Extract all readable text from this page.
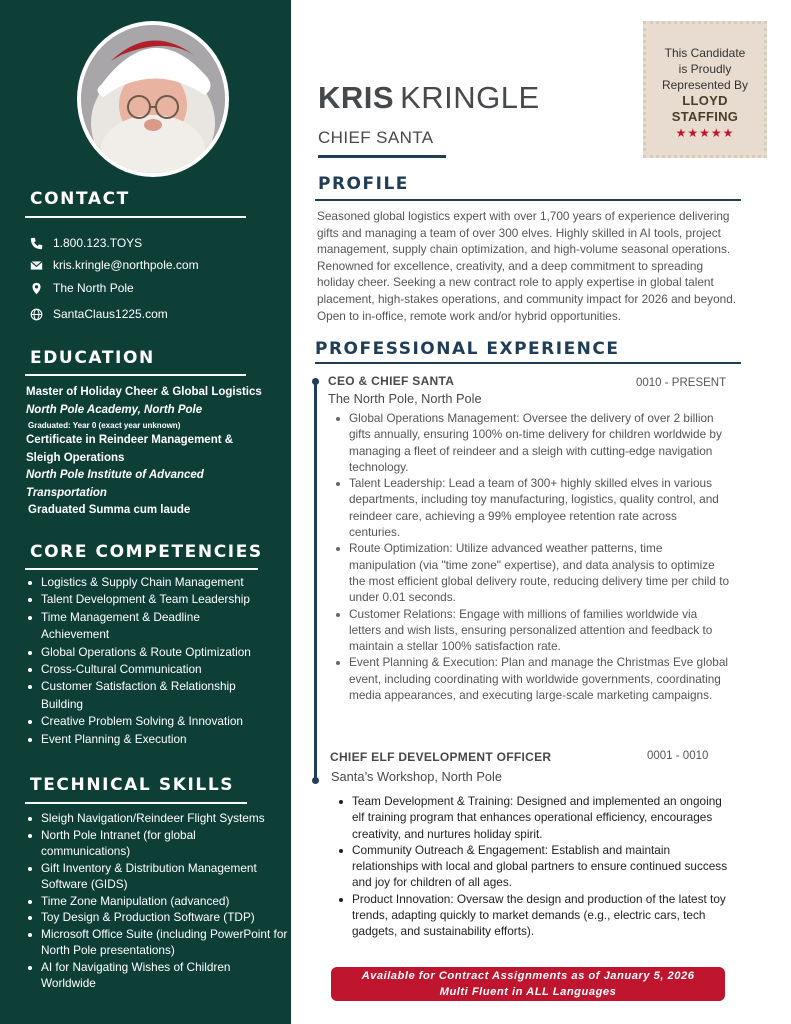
CONTACT
1.800.123.TOYS
kris.kringle@northpole.com
The North Pole
SantaClaus1225.com
EDUCATION
Master of Holiday Cheer & Global Logistics
North Pole Academy, North Pole
Graduated: Year 0 (exact year unknown)
Certificate in Reindeer Management &
Sleigh Operations
North Pole Institute of Advanced
Transportation
Graduated Summa cum laude
CORE COMPETENCIES
Logistics & Supply Chain Management
Talent Development & Team Leadership
Time Management & Deadline Achievement
Global Operations & Route Optimization
Cross-Cultural Communication
Customer Satisfaction & Relationship Building
Creative Problem Solving & Innovation
Event Planning & Execution
TECHNICAL SKILLS
Sleigh Navigation/Reindeer Flight Systems
North Pole Intranet (for global communications)
Gift Inventory & Distribution Management Software (GIDS)
Time Zone Manipulation (advanced)
Toy Design & Production Software (TDP)
Microsoft Office Suite (including PowerPoint for North Pole presentations)
AI for Navigating Wishes of Children Worldwide
KRIS KRINGLE
CHIEF SANTA
This Candidate
is Proudly
Represented By
LLOYD
STAFFING
★★★★★
PROFILE
Seasoned global logistics expert with over 1,700 years of experience delivering gifts and managing a team of over 300 elves. Highly skilled in AI tools, project management, supply chain optimization, and high-volume seasonal operations. Renowned for excellence, creativity, and a deep commitment to spreading holiday cheer. Seeking a new contract role to apply expertise in global talent placement, high-stakes operations, and community impact for 2026 and beyond. Open to in-office, remote work and/or hybrid opportunities.
PROFESSIONAL EXPERIENCE
CEO & CHIEF SANTA	0010 - PRESENT
The North Pole, North Pole
Global Operations Management: Oversee the delivery of over 2 billion gifts annually, ensuring 100% on-time delivery for children worldwide by managing a fleet of reindeer and a sleigh with cutting-edge navigation technology.
Talent Leadership: Lead a team of 300+ highly skilled elves in various departments, including toy manufacturing, logistics, quality control, and reindeer care, achieving a 99% employee retention rate across centuries.
Route Optimization: Utilize advanced weather patterns, time manipulation (via "time zone" expertise), and data analysis to optimize the most efficient global delivery route, reducing delivery time per child to under 0.01 seconds.
Customer Relations: Engage with millions of families worldwide via letters and wish lists, ensuring personalized attention and feedback to maintain a stellar 100% satisfaction rate.
Event Planning & Execution: Plan and manage the Christmas Eve global event, including coordinating with worldwide governments, coordinating media appearances, and executing large-scale marketing campaigns.
CHIEF ELF DEVELOPMENT OFFICER	0001 - 0010
Santa’s Workshop, North Pole
Team Development & Training: Designed and implemented an ongoing elf training program that enhances operational efficiency, encourages creativity, and nurtures holiday spirit.
Community Outreach & Engagement: Establish and maintain relationships with local and global partners to ensure continued success and joy for children of all ages.
Product Innovation: Oversaw the design and production of the latest toy trends, adapting quickly to market demands (e.g., electric cars, tech gadgets, and sustainability efforts).
Available for Contract Assignments as of January 5, 2026
Multi Fluent in ALL Languages
